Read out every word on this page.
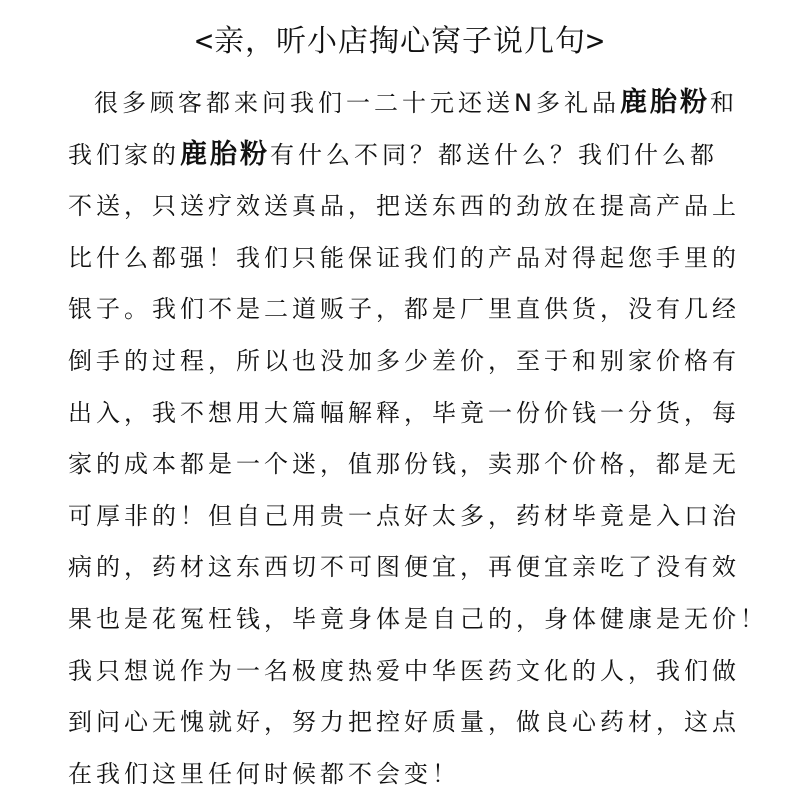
<亲，听小店掏心窝子说几句>
很多顾客都来问我们一二十元还送N多礼品鹿胎粉和
我们家的鹿胎粉有什么不同？都送什么？我们什么都
不送，只送疗效送真品，把送东西的劲放在提高产品上
比什么都强！我们只能保证我们的产品对得起您手里的
银子。我们不是二道贩子，都是厂里直供货，没有几经
倒手的过程，所以也没加多少差价，至于和别家价格有
出入，我不想用大篇幅解释，毕竟一份价钱一分货，每
家的成本都是一个迷，值那份钱，卖那个价格，都是无
可厚非的！但自己用贵一点好太多，药材毕竟是入口治
病的，药材这东西切不可图便宜，再便宜亲吃了没有效
果也是花冤枉钱，毕竟身体是自己的，身体健康是无价！
我只想说作为一名极度热爱中华医药文化的人，我们做
到问心无愧就好，努力把控好质量，做良心药材，这点
在我们这里任何时候都不会变！
